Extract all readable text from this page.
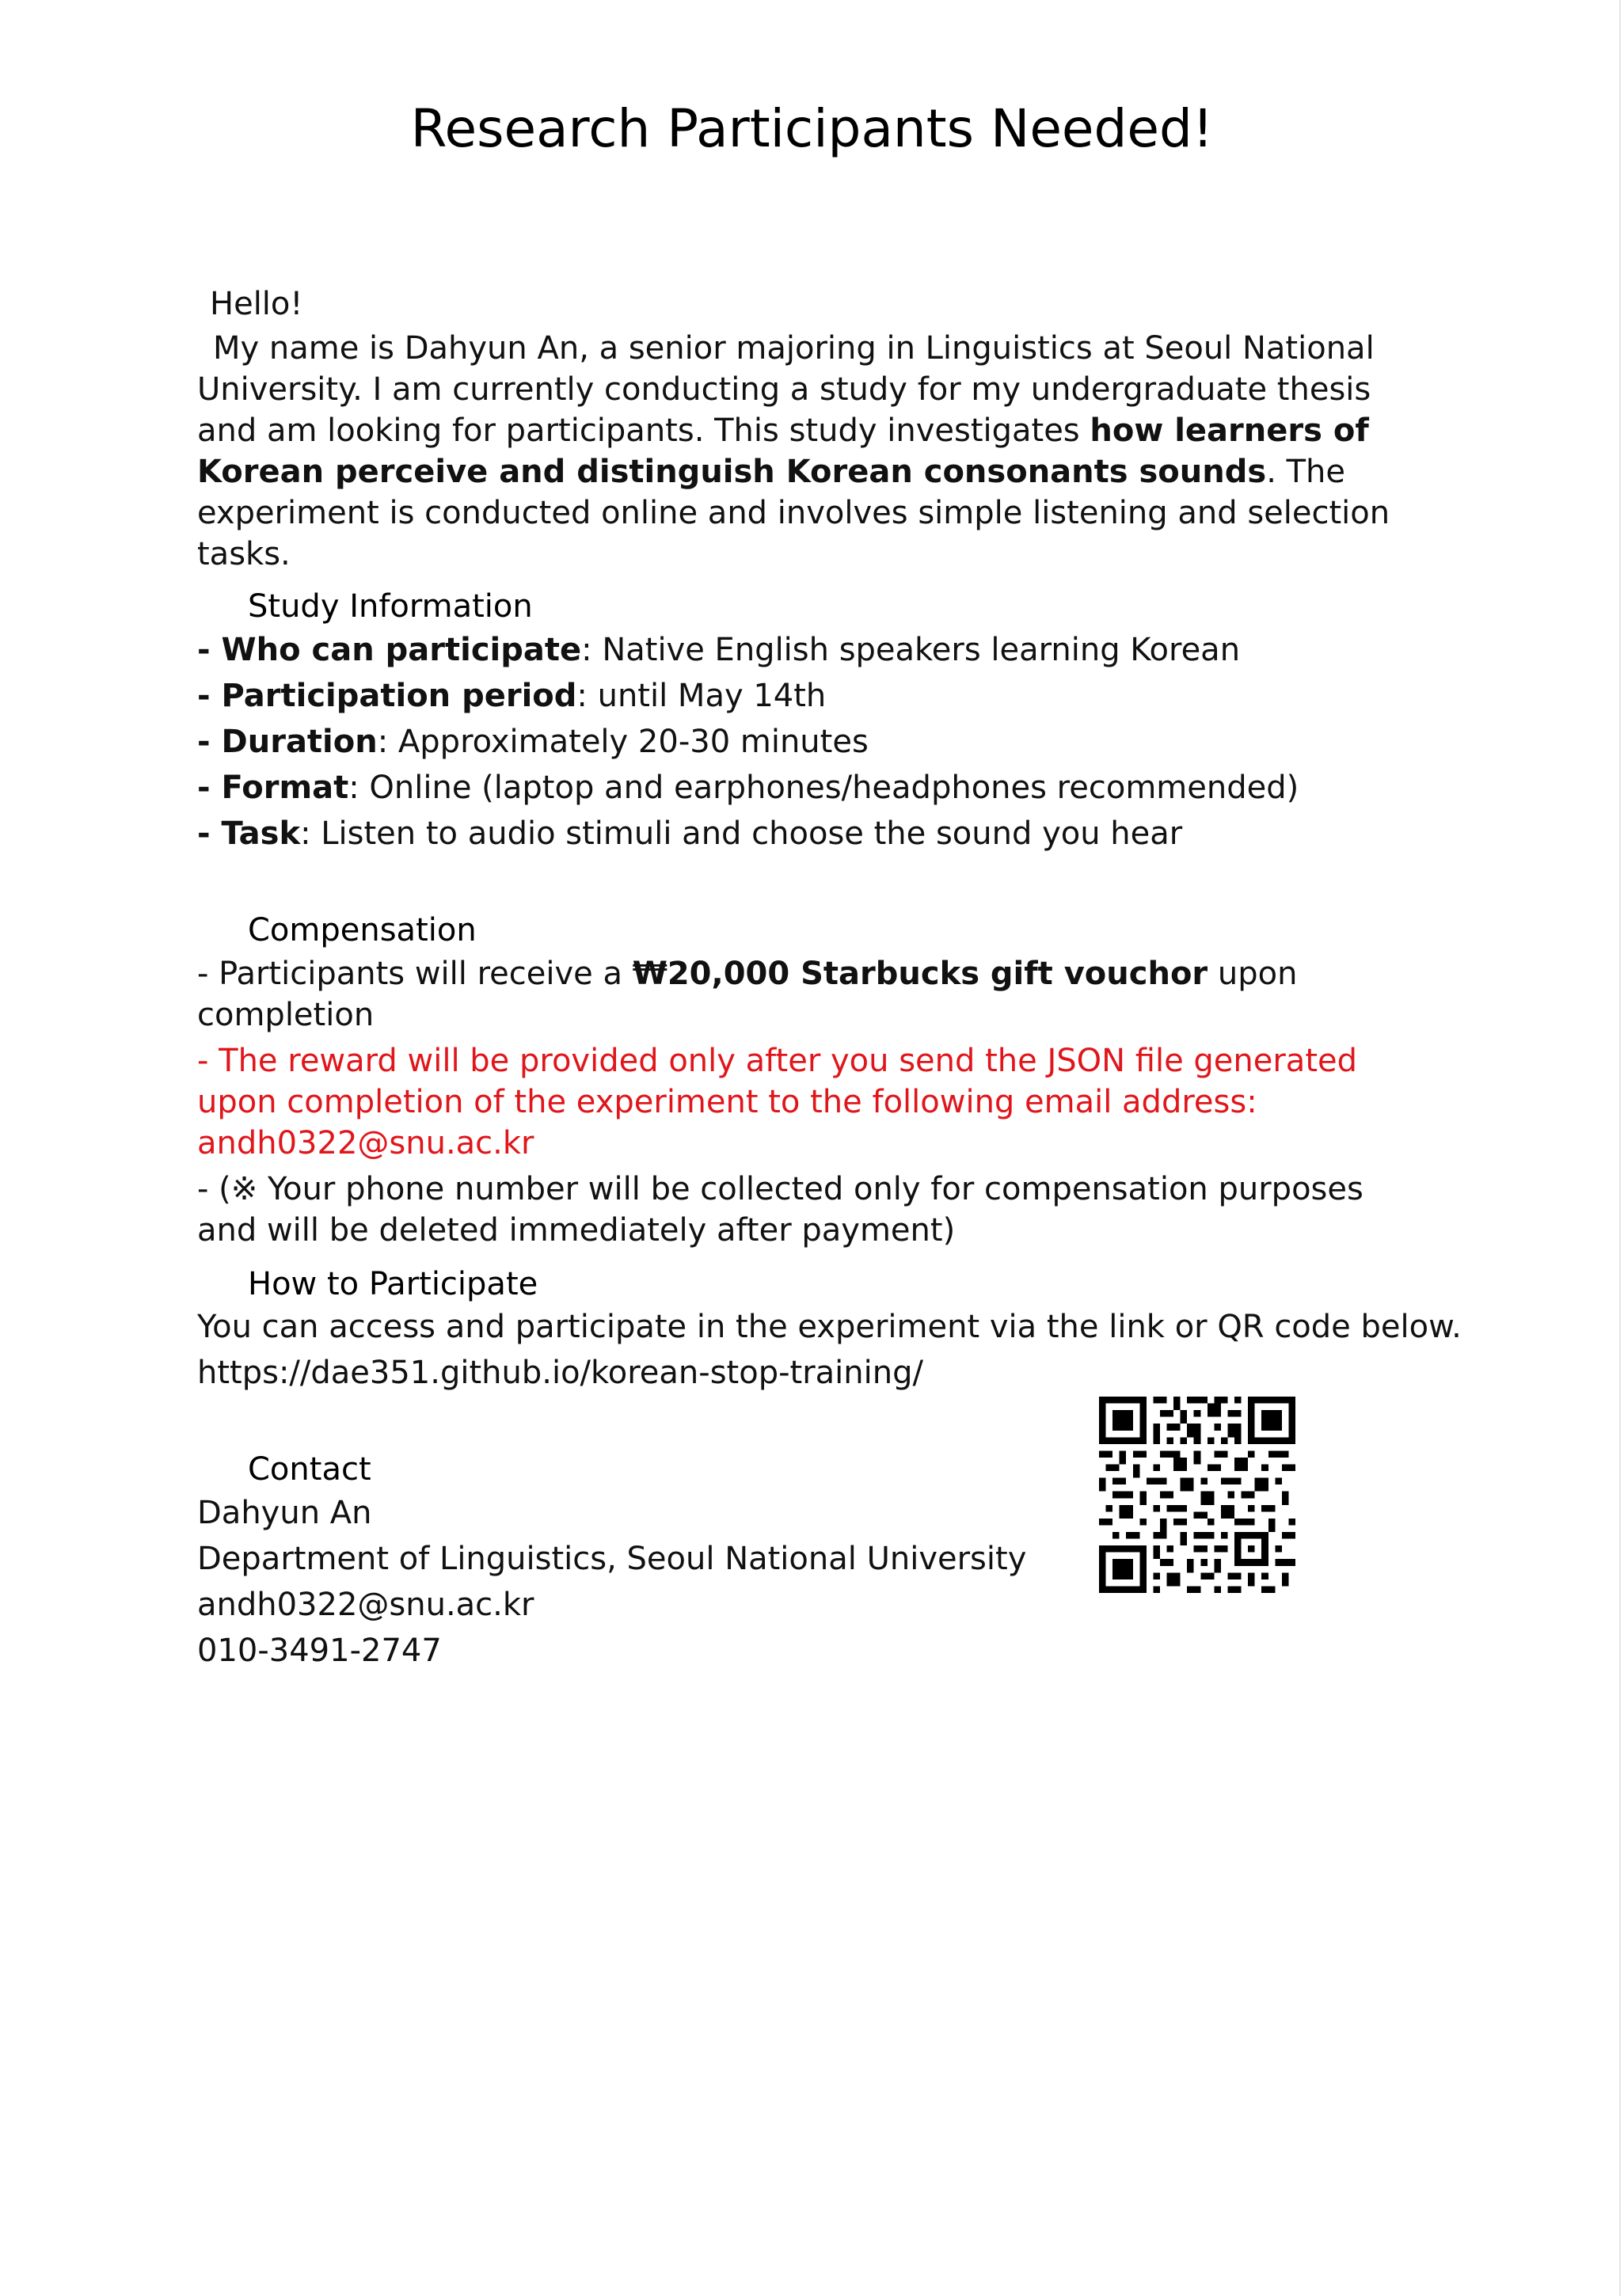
Research Participants Needed!

Hello!

My name is Dahyun An, a senior majoring in Linguistics at Seoul National University. I am currently conducting a study for my undergraduate thesis and am looking for participants. This study investigates how learners of Korean perceive and distinguish Korean consonants sounds. The experiment is conducted online and involves simple listening and selection tasks.

Study Information
- Who can participate: Native English speakers learning Korean
- Participation period: until May 14th
- Duration: Approximately 20-30 minutes
- Format: Online (laptop and earphones/headphones recommended)
- Task: Listen to audio stimuli and choose the sound you hear
Compensation
- Participants will receive a ₩20,000 Starbucks gift vouchor upon completion
- The reward will be provided only after you send the JSON file generated upon completion of the experiment to the following email address: andh0322@snu.ac.kr
- (※ Your phone number will be collected only for compensation purposes and will be deleted immediately after payment)
How to Participate
You can access and participate in the experiment via the link or QR code below.
https://dae351.github.io/korean-stop-training/
Contact
Dahyun An
Department of Linguistics, Seoul National University
andh0322@snu.ac.kr
010-3491-2747
